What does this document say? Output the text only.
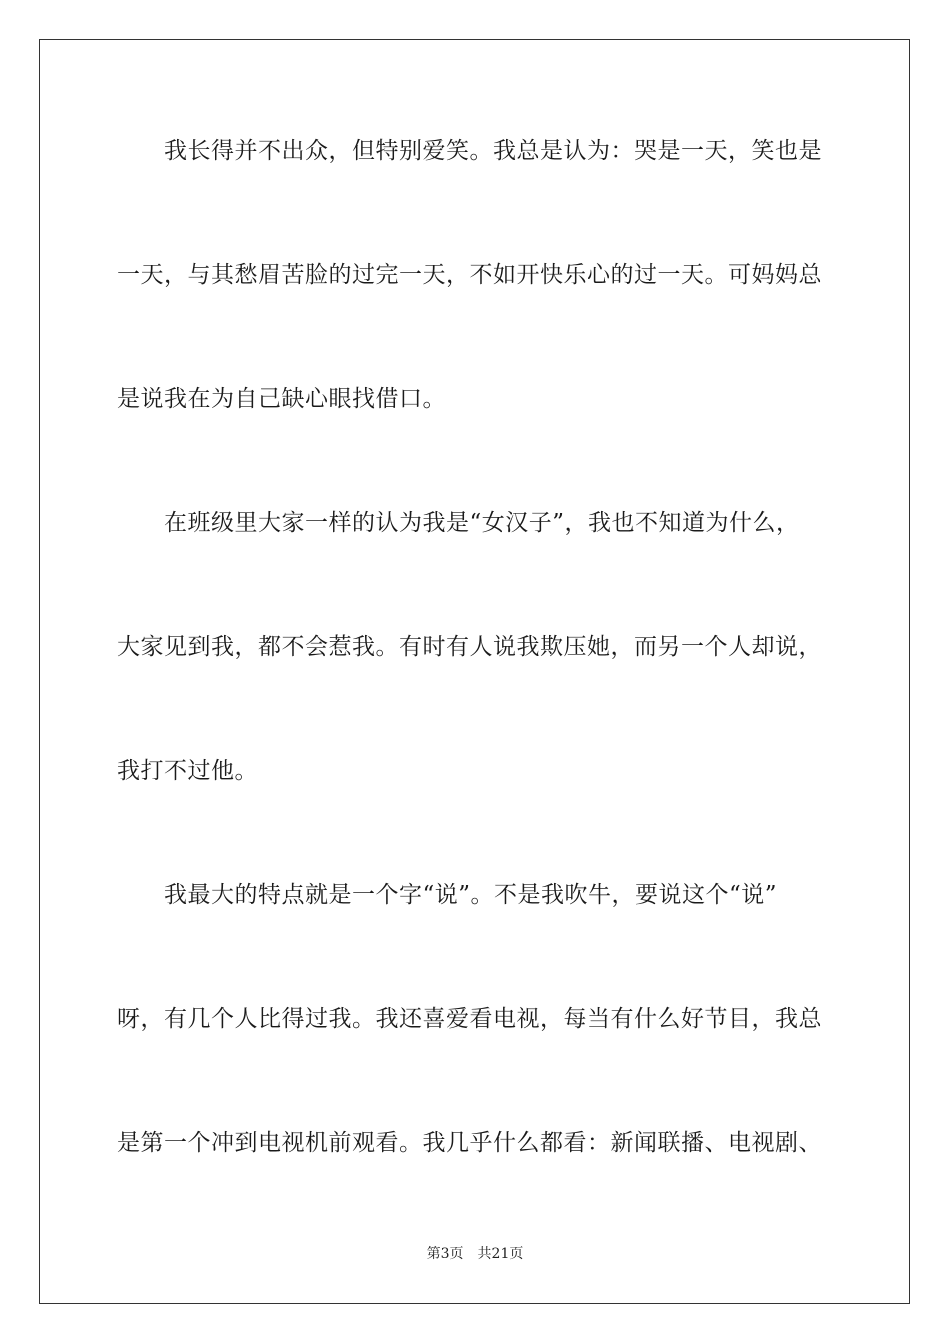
我长得并不出众，但特别爱笑。我总是认为：哭是一天，笑也是
一天，与其愁眉苦脸的过完一天，不如开快乐心的过一天。可妈妈总
是说我在为自己缺心眼找借口。
在班级里大家一样的认为我是“女汉子”，我也不知道为什么，
大家见到我，都不会惹我。有时有人说我欺压她，而另一个人却说，
我打不过他。
我最大的特点就是一个字“说”。不是我吹牛，要说这个“说”
呀，有几个人比得过我。我还喜爱看电视，每当有什么好节目，我总
是第一个冲到电视机前观看。我几乎什么都看：新闻联播、电视剧、
第3页 共21页
